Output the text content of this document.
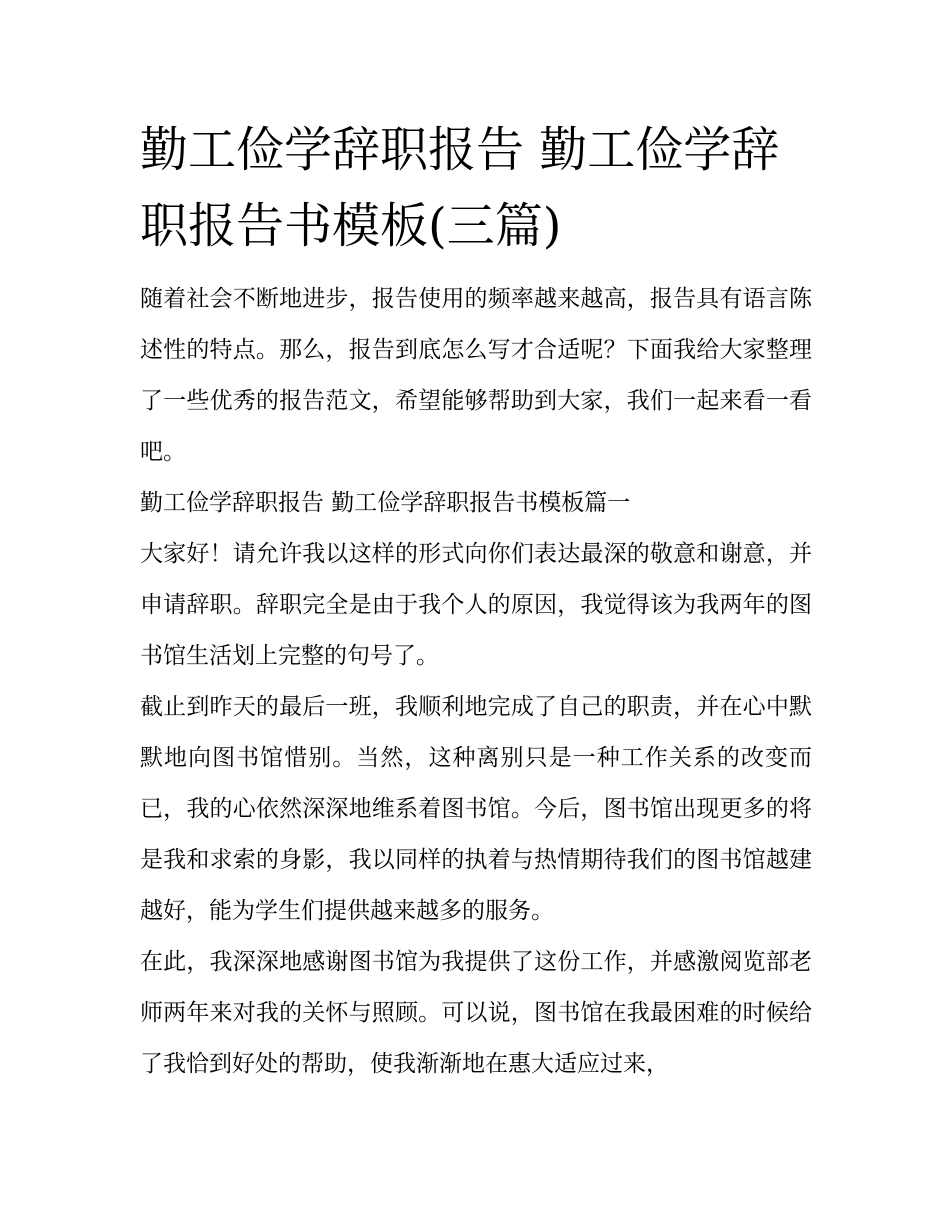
勤工俭学辞职报告 勤工俭学辞职报告书模板(三篇)

随着社会不断地进步，报告使用的频率越来越高，报告具有语言陈述性的特点。那么，报告到底怎么写才合适呢？下面我给大家整理了一些优秀的报告范文，希望能够帮助到大家，我们一起来看一看吧。

勤工俭学辞职报告 勤工俭学辞职报告书模板篇一

大家好！请允许我以这样的形式向你们表达最深的敬意和谢意，并申请辞职。辞职完全是由于我个人的原因，我觉得该为我两年的图书馆生活划上完整的句号了。

截止到昨天的最后一班，我顺利地完成了自己的职责，并在心中默默地向图书馆惜别。当然，这种离别只是一种工作关系的改变而已，我的心依然深深地维系着图书馆。今后，图书馆出现更多的将是我和求索的身影，我以同样的执着与热情期待我们的图书馆越建越好，能为学生们提供越来越多的服务。

在此，我深深地感谢图书馆为我提供了这份工作，并感激阅览部老师两年来对我的关怀与照顾。可以说，图书馆在我最困难的时候给了我恰到好处的帮助，使我渐渐地在惠大适应过来，
